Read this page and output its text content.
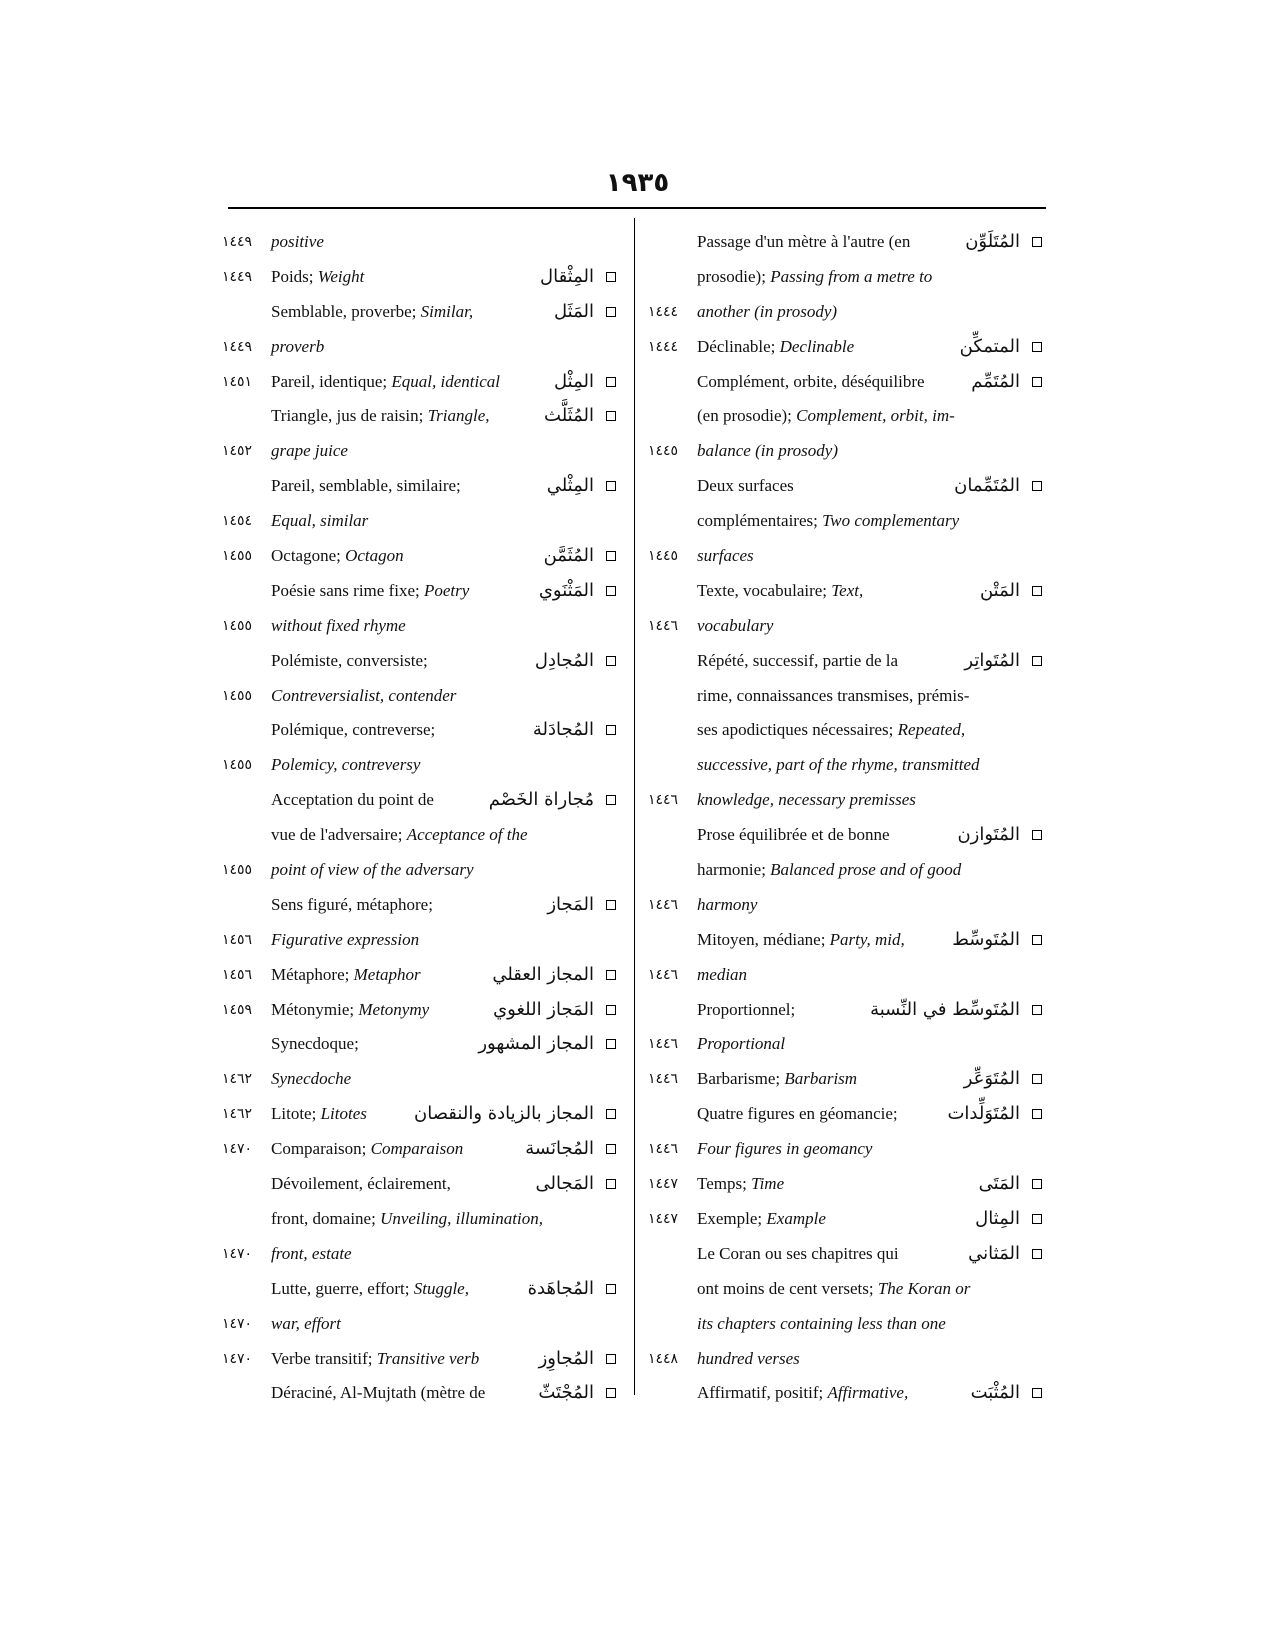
١٩٣٥
١٤٤٩ positive
١٤٤٩ Poids; Weight	المِثْقال
Semblable, proverbe; Similar,	المَثَل
١٤٤٩ proverb
١٤٥١ Pareil, identique; Equal, identical	المِثْل
Triangle, jus de raisin; Triangle,	المُثَلَّث
١٤٥٢ grape juice
Pareil, semblable, similaire;	المِثْلي
١٤٥٤ Equal, similar
١٤٥٥ Octagone; Octagon	المُثَمَّن
Poésie sans rime fixe; Poetry	المَثْنَوي
١٤٥٥ without fixed rhyme
Polémiste, conversiste;	المُجادِل
١٤٥٥ Contreversialist, contender
Polémique, contreverse;	المُجادَلة
١٤٥٥ Polemicy, contreversy
Acceptation du point de	مُجاراة الخَصْم
vue de l'adversaire; Acceptance of the
١٤٥٥ point of view of the adversary
Sens figuré, métaphore;	المَجاز
١٤٥٦ Figurative expression
١٤٥٦ Métaphore; Metaphor	المجاز العقلي
١٤٥٩ Métonymie; Metonymy	المَجاز اللغوي
Synecdoque;	المجاز المشهور
١٤٦٢ Synecdoche
١٤٦٢ Litote; Litotes	المجاز بالزيادة والنقصان
١٤٧٠ Comparaison; Comparaison	المُجانَسة
Dévoilement, éclairement,	المَجالى
front, domaine; Unveiling, illumination,
١٤٧٠ front, estate
Lutte, guerre, effort; Stuggle,	المُجاهَدة
١٤٧٠ war, effort
١٤٧٠ Verbe transitif; Transitive verb	المُجاوِز
Déraciné, Al-Mujtath (mètre de	المُجْتَثّ
Passage d'un mètre à l'autre (en	المُتَلَوِّن
prosodie); Passing from a metre to
١٤٤٤ another (in prosody)
١٤٤٤ Déclinable; Declinable	المتمكِّن
Complément, orbite, déséquilibre	المُتَمِّم
(en prosodie); Complement, orbit, im-
١٤٤٥ balance (in prosody)
Deux surfaces	المُتَمِّمان
complémentaires; Two complementary
١٤٤٥ surfaces
Texte, vocabulaire; Text,	المَتْن
١٤٤٦ vocabulary
Répété, successif, partie de la	المُتَواتِر
rime, connaissances transmises, prémis-
ses apodictiques nécessaires; Repeated,
successive, part of the rhyme, transmitted
١٤٤٦ knowledge, necessary premisses
Prose équilibrée et de bonne	المُتَوازن
harmonie; Balanced prose and of good
١٤٤٦ harmony
Mitoyen, médiane; Party, mid,	المُتَوسِّط
١٤٤٦ median
Proportionnel;	المُتَوسِّط في النِّسبة
١٤٤٦ Proportional
١٤٤٦ Barbarisme; Barbarism	المُتَوَعِّر
Quatre figures en géomancie;	المُتَوَلِّدات
١٤٤٦ Four figures in geomancy
١٤٤٧ Temps; Time	المَتَى
١٤٤٧ Exemple; Example	المِثال
Le Coran ou ses chapitres qui	المَثاني
ont moins de cent versets; The Koran or
its chapters containing less than one
١٤٤٨ hundred verses
Affirmatif, positif; Affirmative,	المُثْبَت
